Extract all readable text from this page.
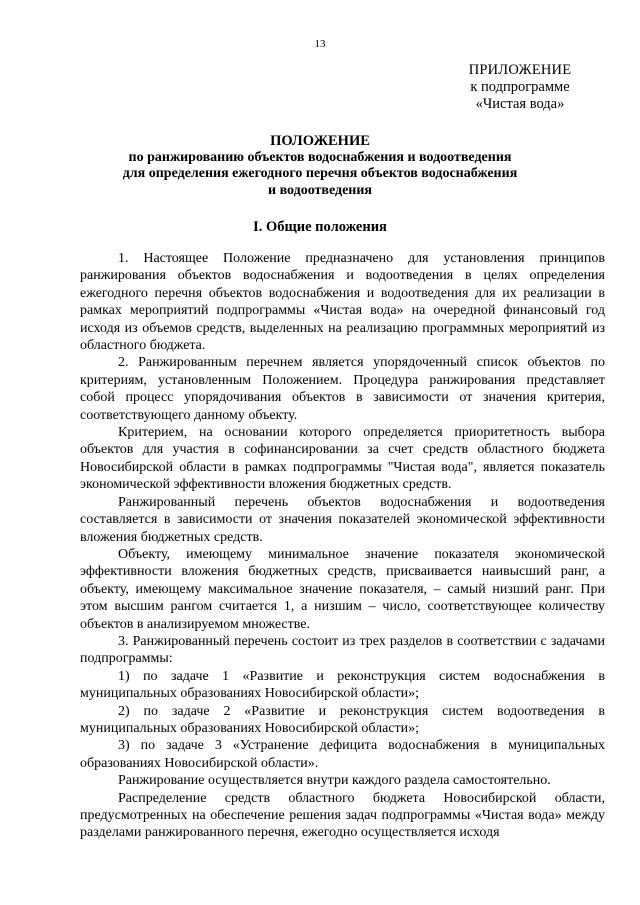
13
ПРИЛОЖЕНИЕ
к подпрограмме
«Чистая вода»
ПОЛОЖЕНИЕ
по ранжированию объектов водоснабжения и водоотведения
для определения ежегодного перечня объектов водоснабжения
и водоотведения
I. Общие положения

1. Настоящее Положение предназначено для установления принципов ранжирования объектов водоснабжения и водоотведения в целях определения ежегодного перечня объектов водоснабжения и водоотведения для их реализации в рамках мероприятий подпрограммы «Чистая вода» на очередной финансовый год исходя из объемов средств, выделенных на реализацию программных мероприятий из областного бюджета.

2. Ранжированным перечнем является упорядоченный список объектов по критериям, установленным Положением. Процедура ранжирования представляет собой процесс упорядочивания объектов в зависимости от значения критерия, соответствующего данному объекту.

Критерием, на основании которого определяется приоритетность выбора объектов для участия в софинансировании за счет средств областного бюджета Новосибирской области в рамках подпрограммы "Чистая вода", является показатель экономической эффективности вложения бюджетных средств.

Ранжированный перечень объектов водоснабжения и водоотведения составляется в зависимости от значения показателей экономической эффективности вложения бюджетных средств.

Объекту, имеющему минимальное значение показателя экономической эффективности вложения бюджетных средств, присваивается наивысший ранг, а объекту, имеющему максимальное значение показателя, – самый низший ранг. При этом высшим рангом считается 1, а низшим – число, соответствующее количеству объектов в анализируемом множестве.

3. Ранжированный перечень состоит из трех разделов в соответствии с задачами подпрограммы:

1) по задаче 1 «Развитие и реконструкция систем водоснабжения в муниципальных образованиях Новосибирской области»;

2) по задаче 2 «Развитие и реконструкция систем водоотведения в муниципальных образованиях Новосибирской области»;

3) по задаче 3 «Устранение дефицита водоснабжения в муниципальных образованиях Новосибирской области».

Ранжирование осуществляется внутри каждого раздела самостоятельно.

Распределение средств областного бюджета Новосибирской области, предусмотренных на обеспечение решения задач подпрограммы «Чистая вода» между разделами ранжированного перечня, ежегодно осуществляется исходя
